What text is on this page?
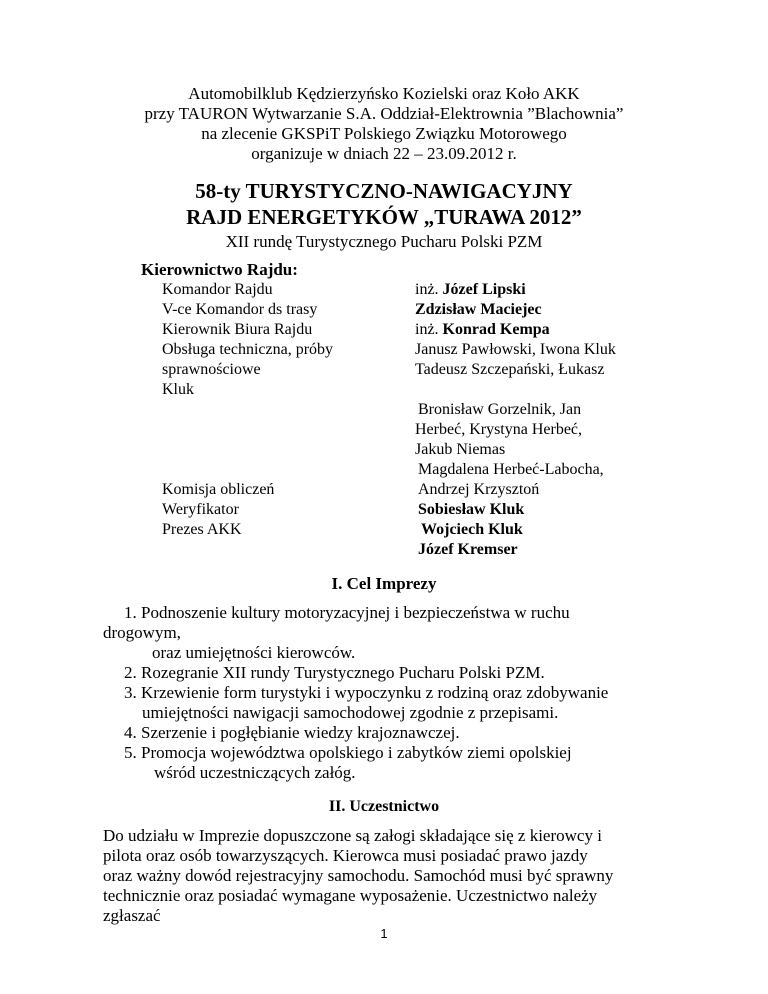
Automobilklub Kędzierzyńsko Kozielski oraz Koło AKK
przy TAURON Wytwarzanie S.A. Oddział-Elektrownia ”Blachownia”
na zlecenie GKSPiT Polskiego Związku Motorowego
organizuje w dniach 22 – 23.09.2012 r.
58-ty TURYSTYCZNO-NAWIGACYJNY
RAJD ENERGETYKÓW „TURAWA 2012”
XII rundę Turystycznego Pucharu Polski PZM
Kierownictwo Rajdu:
Komandor Rajdu
V-ce Komandor ds trasy
Kierownik Biura Rajdu
Obsługa techniczna, próby
sprawnościowe
Kluk
Komisja obliczeń
Weryfikator
Prezes AKK
inż. Józef Lipski
Zdzisław Maciejec
inż. Konrad Kempa
Janusz Pawłowski, Iwona Kluk
Tadeusz Szczepański, Łukasz
Bronisław Gorzelnik, Jan
Herbeć, Krystyna Herbeć,
Jakub Niemas
Magdalena Herbeć-Labocha,
Andrzej Krzysztoń
Sobiesław Kluk
Wojciech Kluk
Józef Kremser
I. Cel Imprezy
1. Podnoszenie kultury motoryzacyjnej i bezpieczeństwa w ruchu
drogowym,
oraz umiejętności kierowców.
2. Rozegranie XII rundy Turystycznego Pucharu Polski PZM.
3. Krzewienie form turystyki i wypoczynku z rodziną oraz zdobywanie
umiejętności nawigacji samochodowej zgodnie z przepisami.
4. Szerzenie i pogłębianie wiedzy krajoznawczej.
5. Promocja województwa opolskiego i zabytków ziemi opolskiej
wśród uczestniczących załóg.
II. Uczestnictwo
Do udziału w Imprezie dopuszczone są załogi składające się z kierowcy i
pilota oraz osób towarzyszących. Kierowca musi posiadać prawo jazdy
oraz ważny dowód rejestracyjny samochodu. Samochód musi być sprawny
technicznie oraz posiadać wymagane wyposażenie. Uczestnictwo należy
zgłaszać
1
